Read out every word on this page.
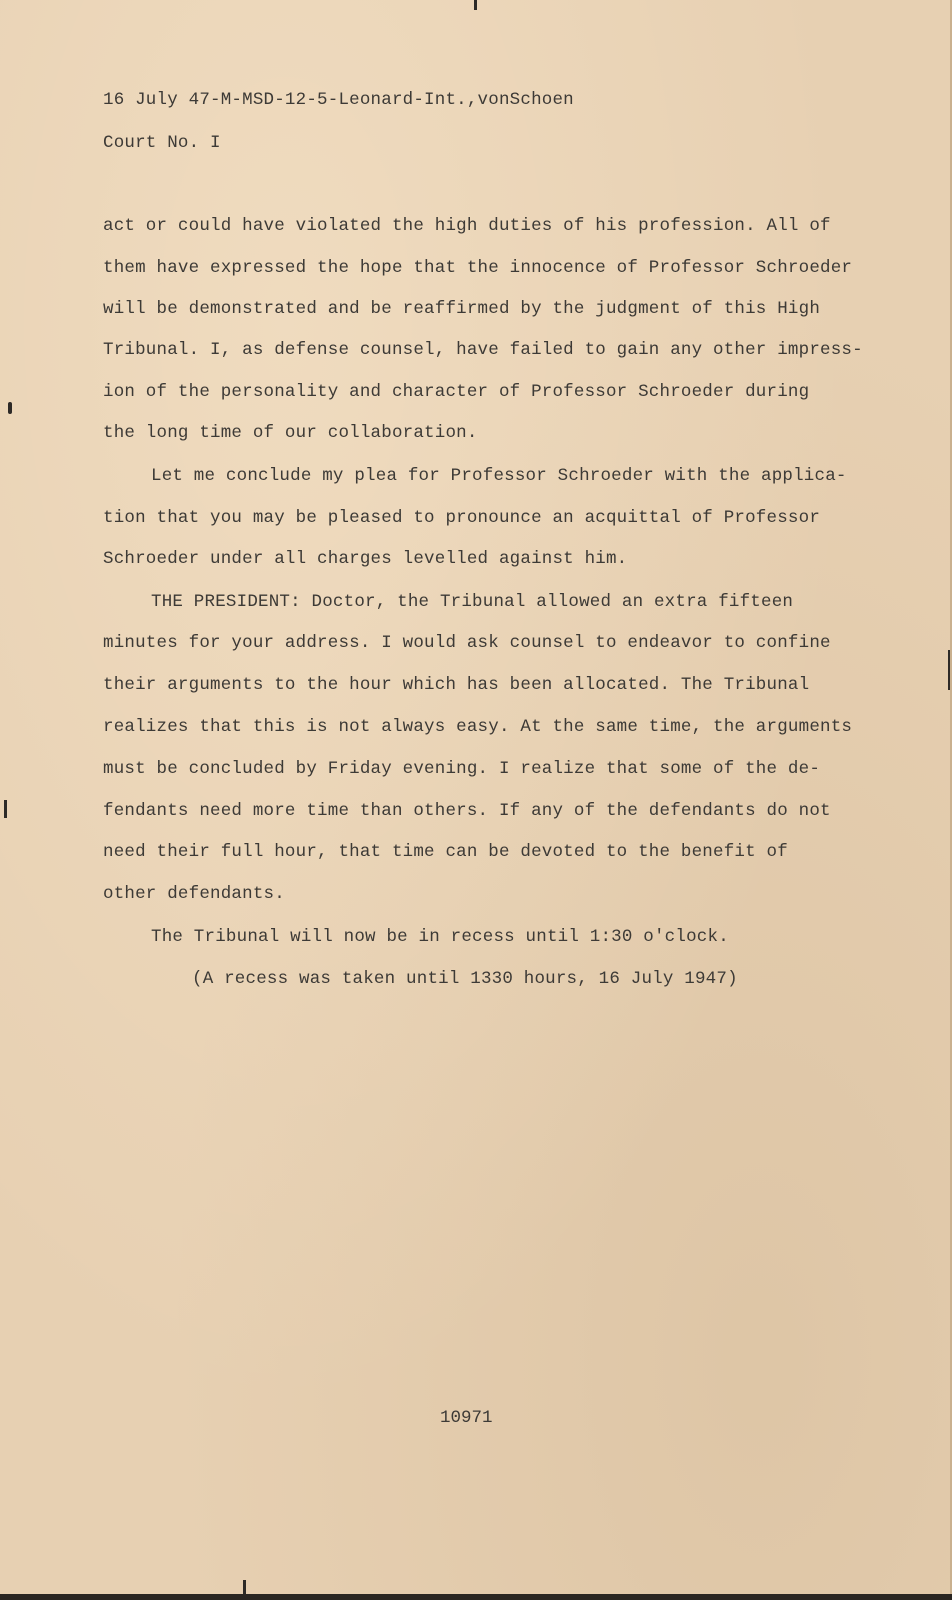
16 July 47-M-MSD-12-5-Leonard-Int.,vonSchoen
Court No. I
act or could have violated the high duties of his profession. All of
them have expressed the hope that the innocence of Professor Schroeder
will be demonstrated and be reaffirmed by the judgment of this High
Tribunal. I, as defense counsel, have failed to gain any other impress-
ion of the personality and character of Professor Schroeder during
the long time of our collaboration.
Let me conclude my plea for Professor Schroeder with the applica-
tion that you may be pleased to pronounce an acquittal of Professor
Schroeder under all charges levelled against him.
THE PRESIDENT: Doctor, the Tribunal allowed an extra fifteen
minutes for your address. I would ask counsel to endeavor to confine
their arguments to the hour which has been allocated. The Tribunal
realizes that this is not always easy. At the same time, the arguments
must be concluded by Friday evening. I realize that some of the de-
fendants need more time than others. If any of the defendants do not
need their full hour, that time can be devoted to the benefit of
other defendants.
The Tribunal will now be in recess until 1:30 o'clock.
(A recess was taken until 1330 hours, 16 July 1947)
10971
